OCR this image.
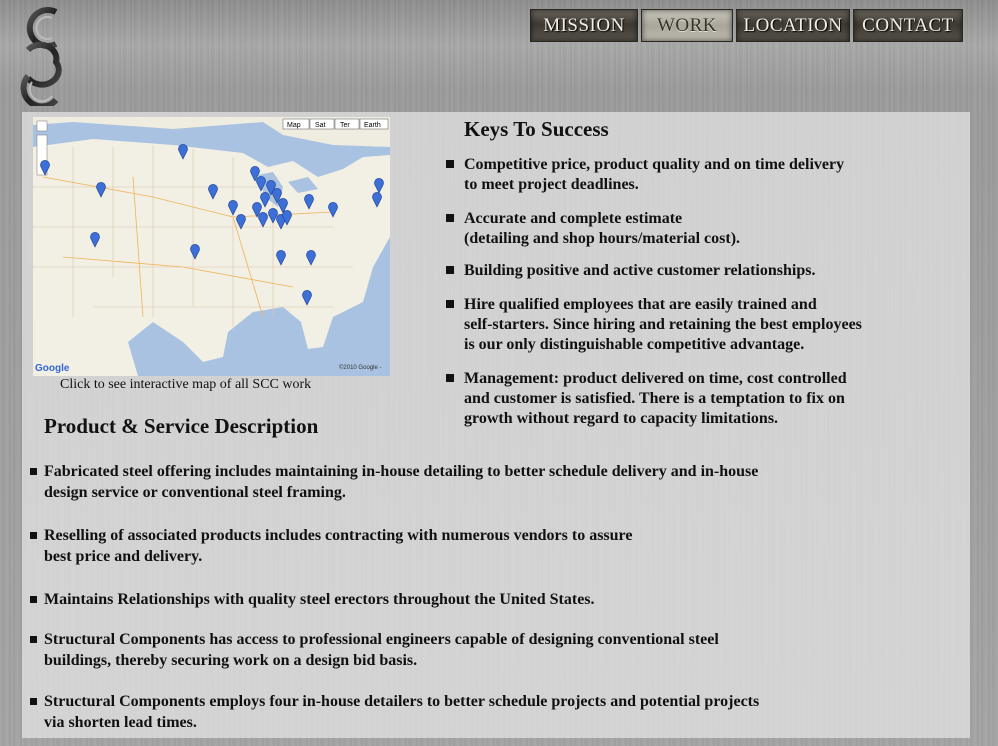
MISSION	WORK	LOCATION	CONTACT
Map Sat Ter Earth
Google	©2010 Google -
Click to see interactive map of all SCC work
Keys To Success
Competitive price, product quality and on time delivery
to meet project deadlines.
Accurate and complete estimate
(detailing and shop hours/material cost).
Building positive and active customer relationships.
Hire qualified employees that are easily trained and
self-starters. Since hiring and retaining the best employees
is our only distinguishable competitive advantage.
Management: product delivered on time, cost controlled
and customer is satisfied. There is a temptation to fix on
growth without regard to capacity limitations.
Product & Service Description
Fabricated steel offering includes maintaining in-house detailing to better schedule delivery and in-house
design service or conventional steel framing.
Reselling of associated products includes contracting with numerous vendors to assure
best price and delivery.
Maintains Relationships with quality steel erectors throughout the United States.
Structural Components has access to professional engineers capable of designing conventional steel
buildings, thereby securing work on a design bid basis.
Structural Components employs four in-house detailers to better schedule projects and potential projects
via shorten lead times.
